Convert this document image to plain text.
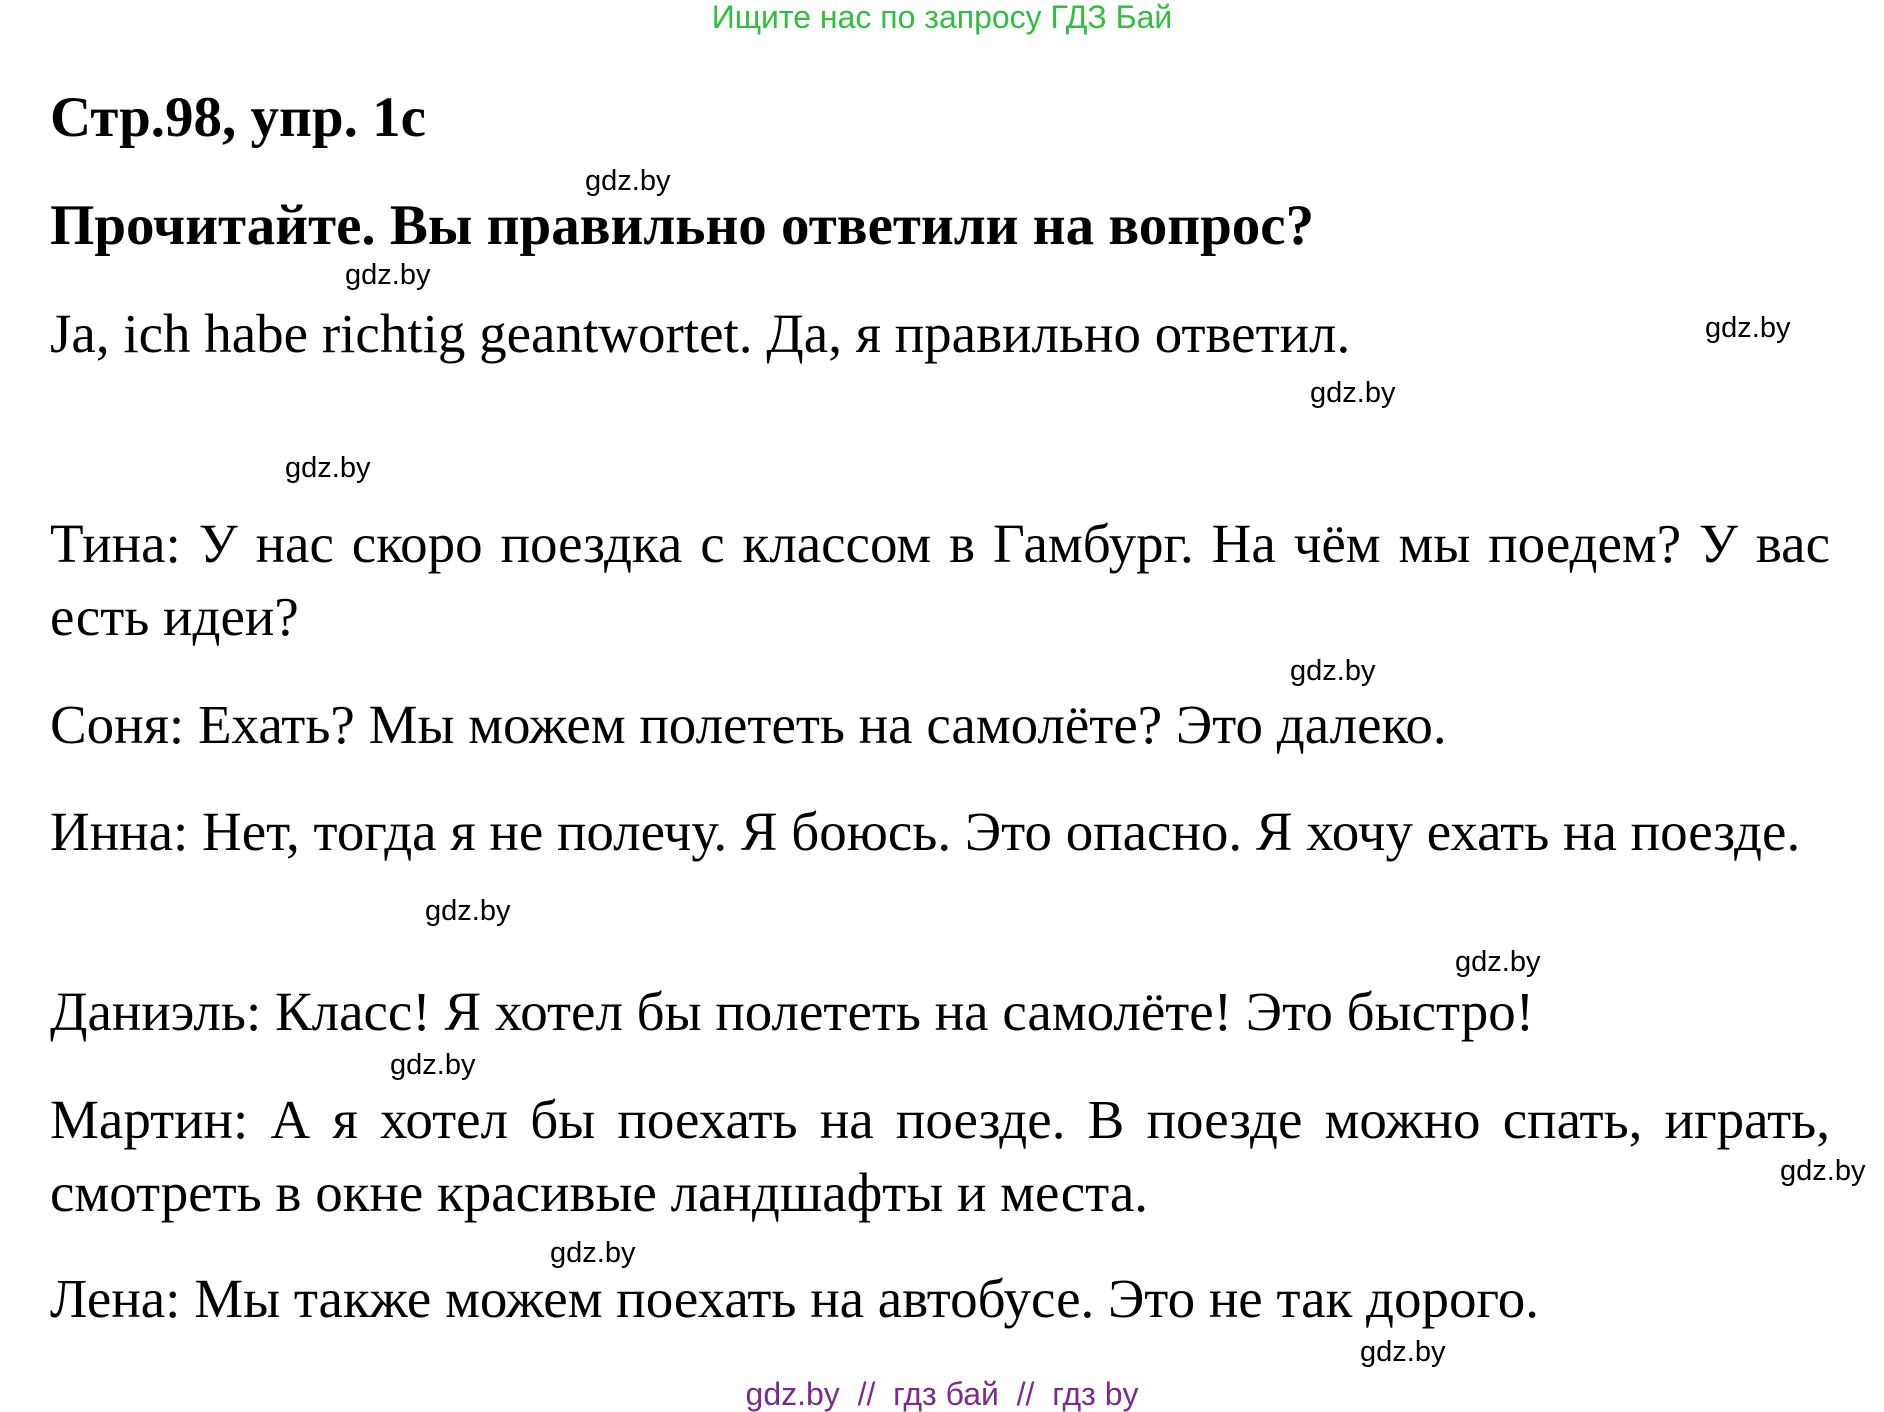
Ищите нас по запросу ГДЗ Бай
Стр.98, упр. 1с
Прочитайте. Вы правильно ответили на вопрос?
Ja, ich habe richtig geantwortet. Да, я правильно ответил.
Тина: У нас скоро поездка с классом в Гамбург. На чём мы поедем? У вас есть идеи?
Соня: Ехать? Мы можем полететь на самолёте? Это далеко.
Инна: Нет, тогда я не полечу. Я боюсь. Это опасно. Я хочу ехать на поезде.
Даниэль: Класс! Я хотел бы полететь на самолёте! Это быстро!
Мартин: А я хотел бы поехать на поезде. В поезде можно спать, играть, смотреть в окне красивые ландшафты и места.
Лена: Мы также можем поехать на автобусе. Это не так дорого.
gdz.by
gdz.by
gdz.by
gdz.by
gdz.by
gdz.by
gdz.by
gdz.by
gdz.by
gdz.by
gdz.by
gdz.by
gdz.by  //  гдз бай  //  гдз by
